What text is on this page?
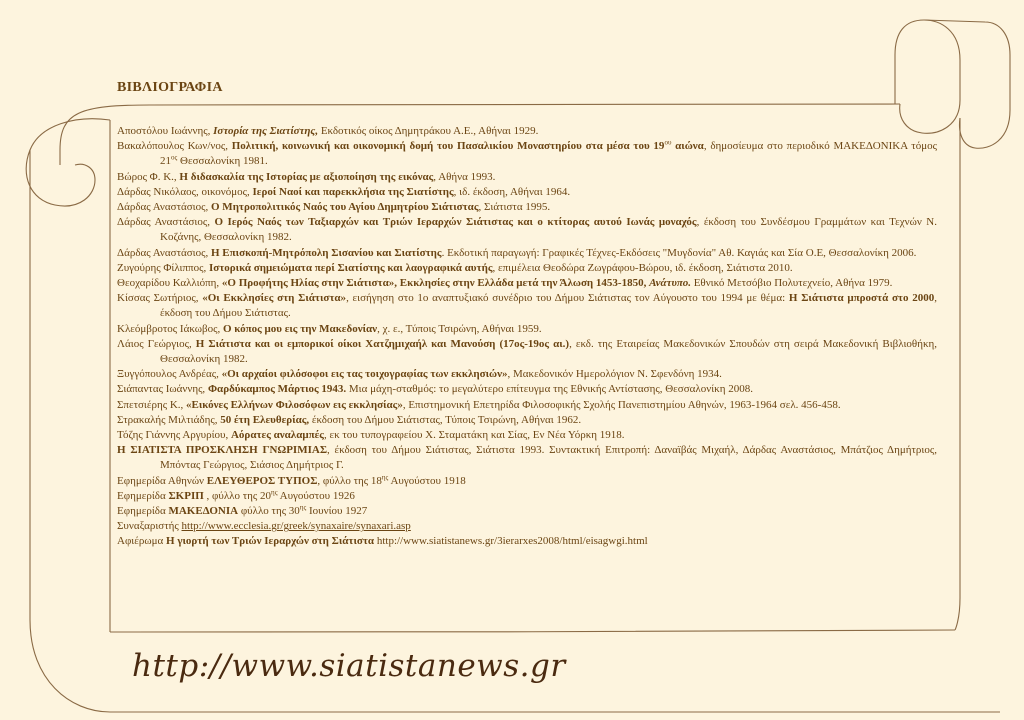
ΒΙΒΛΙΟΓΡΑΦΙΑ
Αποστόλου Ιωάννης, Ιστορία της Σιατίστης, Εκδοτικός οίκος Δημητράκου Α.Ε., Αθήναι 1929.
Βακαλόπουλος Κων/νος, Πολιτική, κοινωνική και οικονομική δομή του Πασαλικίου Μοναστηρίου στα μέσα του $19^{o\upsilon}$ αιώνα, δημοσίευμα στο περιοδικό ΜΑΚΕΔΟΝΙΚΑ τόμος $21^{o\varsigma}$ Θεσσαλονίκη 1981.
Βώρος Φ. Κ., Η διδασκαλία της Ιστορίας με αξιοποίηση της εικόνας, Αθήνα 1993.
Δάρδας Νικόλαος, οικονόμος, Ιεροί Ναοί και παρεκκλήσια της Σιατίστης, ιδ. έκδοση, Αθήναι 1964.
Δάρδας Αναστάσιος, Ο Μητροπολιτικός Ναός του Αγίου Δημητρίου Σιάτιστας, Σιάτιστα 1995.
Δάρδας Αναστάσιος, Ο Ιερός Ναός των Ταξιαρχών και Τριών Ιεραρχών Σιάτιστας και ο κτίτορας αυτού Ιωνάς μοναχός, έκδοση του Συνδέσμου Γραμμάτων και Τεχνών Ν. Κοζάνης, Θεσσαλονίκη 1982.
Δάρδας Αναστάσιος, Η Επισκοπή-Μητρόπολη Σισανίου και Σιατίστης. Εκδοτική παραγωγή: Γραφικές Τέχνες-Εκδόσεις "Μυγδονία" Αθ. Καγιάς και Σία Ο.Ε, Θεσσαλονίκη 2006.
Ζυγούρης Φίλιππος, Ιστορικά σημειώματα περί Σιατίστης και λαογραφικά αυτής, επιμέλεια Θεοδώρα Ζωγράφου-Βώρου, ιδ. έκδοση, Σιάτιστα 2010.
Θεοχαρίδου Καλλιόπη, «Ο Προφήτης Ηλίας στην Σιάτιστα», Εκκλησίες στην Ελλάδα μετά την Άλωση 1453-1850, Ανάτυπο. Εθνικό Μετσόβιο Πολυτεχνείο, Αθήνα 1979.
Κίσσας Σωτήριος, «Οι Εκκλησίες στη Σιάτιστα», εισήγηση στο 1ο αναπτυξιακό συνέδριο του Δήμου Σιάτιστας τον Αύγουστο του 1994 με θέμα: Η Σιάτιστα μπροστά στο 2000, έκδοση του Δήμου Σιάτιστας.
Κλεόμβροτος Ιάκωβος, Ο κόπος μου εις την Μακεδονίαν, χ. ε., Τύποις Τσιρώνη, Αθήναι 1959.
Λάιος Γεώργιος, Η Σιάτιστα και οι εμπορικοί οίκοι Χατζημιχαήλ και Μανούση (17ος-19ος αι.), εκδ. της Εταιρείας Μακεδονικών Σπουδών στη σειρά Μακεδονική Βιβλιοθήκη, Θεσσαλονίκη 1982.
Ξυγγόπουλος Ανδρέας, «Οι αρχαίοι φιλόσοφοι εις τας τοιχογραφίας των εκκλησιών», Μακεδονικόν Ημερολόγιον Ν. Σφενδόνη 1934.
Σιάπαντας Ιωάννης, Φαρδύκαμπος Μάρτιος 1943. Μια μάχη-σταθμός: το μεγαλύτερο επίτευγμα της Εθνικής Αντίστασης, Θεσσαλονίκη 2008.
Σπετσιέρης Κ., «Εικόνες Ελλήνων Φιλοσόφων εις εκκλησίας», Επιστημονική Επετηρίδα Φιλοσοφικής Σχολής Πανεπιστημίου Αθηνών, 1963-1964 σελ. 456-458.
Στρακαλής Μιλτιάδης, 50 έτη Ελευθερίας, έκδοση του Δήμου Σιάτιστας, Τύποις Τσιρώνη, Αθήναι 1962.
Τόζης Γιάννης Αργυρίου, Αόρατες αναλαμπές, εκ του τυπογραφείου Χ. Σταματάκη και Σίας, Εν Νέα Υόρκη 1918.
Η ΣΙΑΤΙΣΤΑ ΠΡΟΣΚΛΗΣΗ ΓΝΩΡΙΜΙΑΣ, έκδοση του Δήμου Σιάτιστας, Σιάτιστα 1993. Συντακτική Επιτροπή: Δαναϊβάς Μιχαήλ, Δάρδας Αναστάσιος, Μπάτζιος Δημήτριος, Μπόντας Γεώργιος, Σιάσιος Δημήτριος Γ.
Εφημερίδα Αθηνών ΕΛΕΥΘΕΡΟΣ ΤΥΠΟΣ, φύλλο της $18^{\eta\varsigma}$ Αυγούστου 1918
Εφημερίδα ΣΚΡΙΠ , φύλλο της $20^{\eta\varsigma}$ Αυγούστου 1926
Εφημερίδα ΜΑΚΕΔΟΝΙΑ φύλλο της $30^{\eta\varsigma}$ Ιουνίου 1927
Συναξαριστής http://www.ecclesia.gr/greek/synaxaire/synaxari.asp
Αφιέρωμα Η γιορτή των Τριών Ιεραρχών στη Σιάτιστα http://www.siatistanews.gr/3ierarxes2008/html/eisagwgi.html
http://www.siatistanews.gr
